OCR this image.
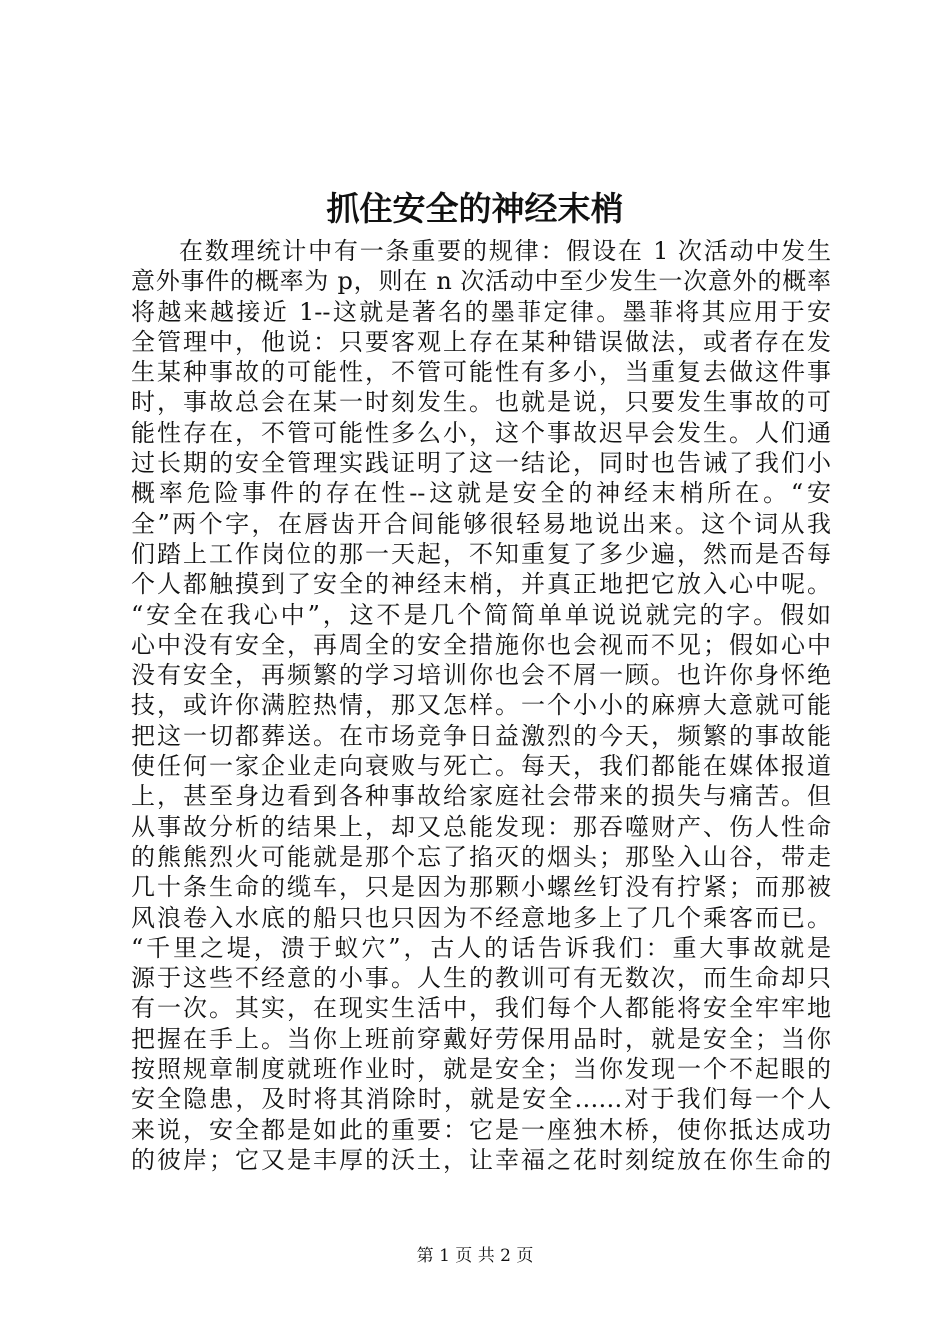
抓住安全的神经末梢
在数理统计中有一条重要的规律：假设在 1 次活动中发生
意外事件的概率为 p，则在 n 次活动中至少发生一次意外的概率
将越来越接近 1--这就是著名的墨菲定律。墨菲将其应用于安
全管理中，他说：只要客观上存在某种错误做法，或者存在发
生某种事故的可能性，不管可能性有多小，当重复去做这件事
时，事故总会在某一时刻发生。也就是说，只要发生事故的可
能性存在，不管可能性多么小，这个事故迟早会发生。人们通
过长期的安全管理实践证明了这一结论，同时也告诫了我们小
概率危险事件的存在性--这就是安全的神经末梢所在。“安
全”两个字，在唇齿开合间能够很轻易地说出来。这个词从我
们踏上工作岗位的那一天起，不知重复了多少遍，然而是否每
个人都触摸到了安全的神经末梢，并真正地把它放入心中呢。
“安全在我心中”，这不是几个简简单单说说就完的字。假如
心中没有安全，再周全的安全措施你也会视而不见；假如心中
没有安全，再频繁的学习培训你也会不屑一顾。也许你身怀绝
技，或许你满腔热情，那又怎样。一个小小的麻痹大意就可能
把这一切都葬送。在市场竞争日益激烈的今天，频繁的事故能
使任何一家企业走向衰败与死亡。每天，我们都能在媒体报道
上，甚至身边看到各种事故给家庭社会带来的损失与痛苦。但
从事故分析的结果上，却又总能发现：那吞噬财产、伤人性命
的熊熊烈火可能就是那个忘了掐灭的烟头；那坠入山谷，带走
几十条生命的缆车，只是因为那颗小螺丝钉没有拧紧；而那被
风浪卷入水底的船只也只因为不经意地多上了几个乘客而已。
“千里之堤，溃于蚁穴”，古人的话告诉我们：重大事故就是
源于这些不经意的小事。人生的教训可有无数次，而生命却只
有一次。其实，在现实生活中，我们每个人都能将安全牢牢地
把握在手上。当你上班前穿戴好劳保用品时，就是安全；当你
按照规章制度就班作业时，就是安全；当你发现一个不起眼的
安全隐患，及时将其消除时，就是安全……对于我们每一个人
来说，安全都是如此的重要：它是一座独木桥，使你抵达成功
的彼岸；它又是丰厚的沃土，让幸福之花时刻绽放在你生命的
第 1 页 共 2 页
